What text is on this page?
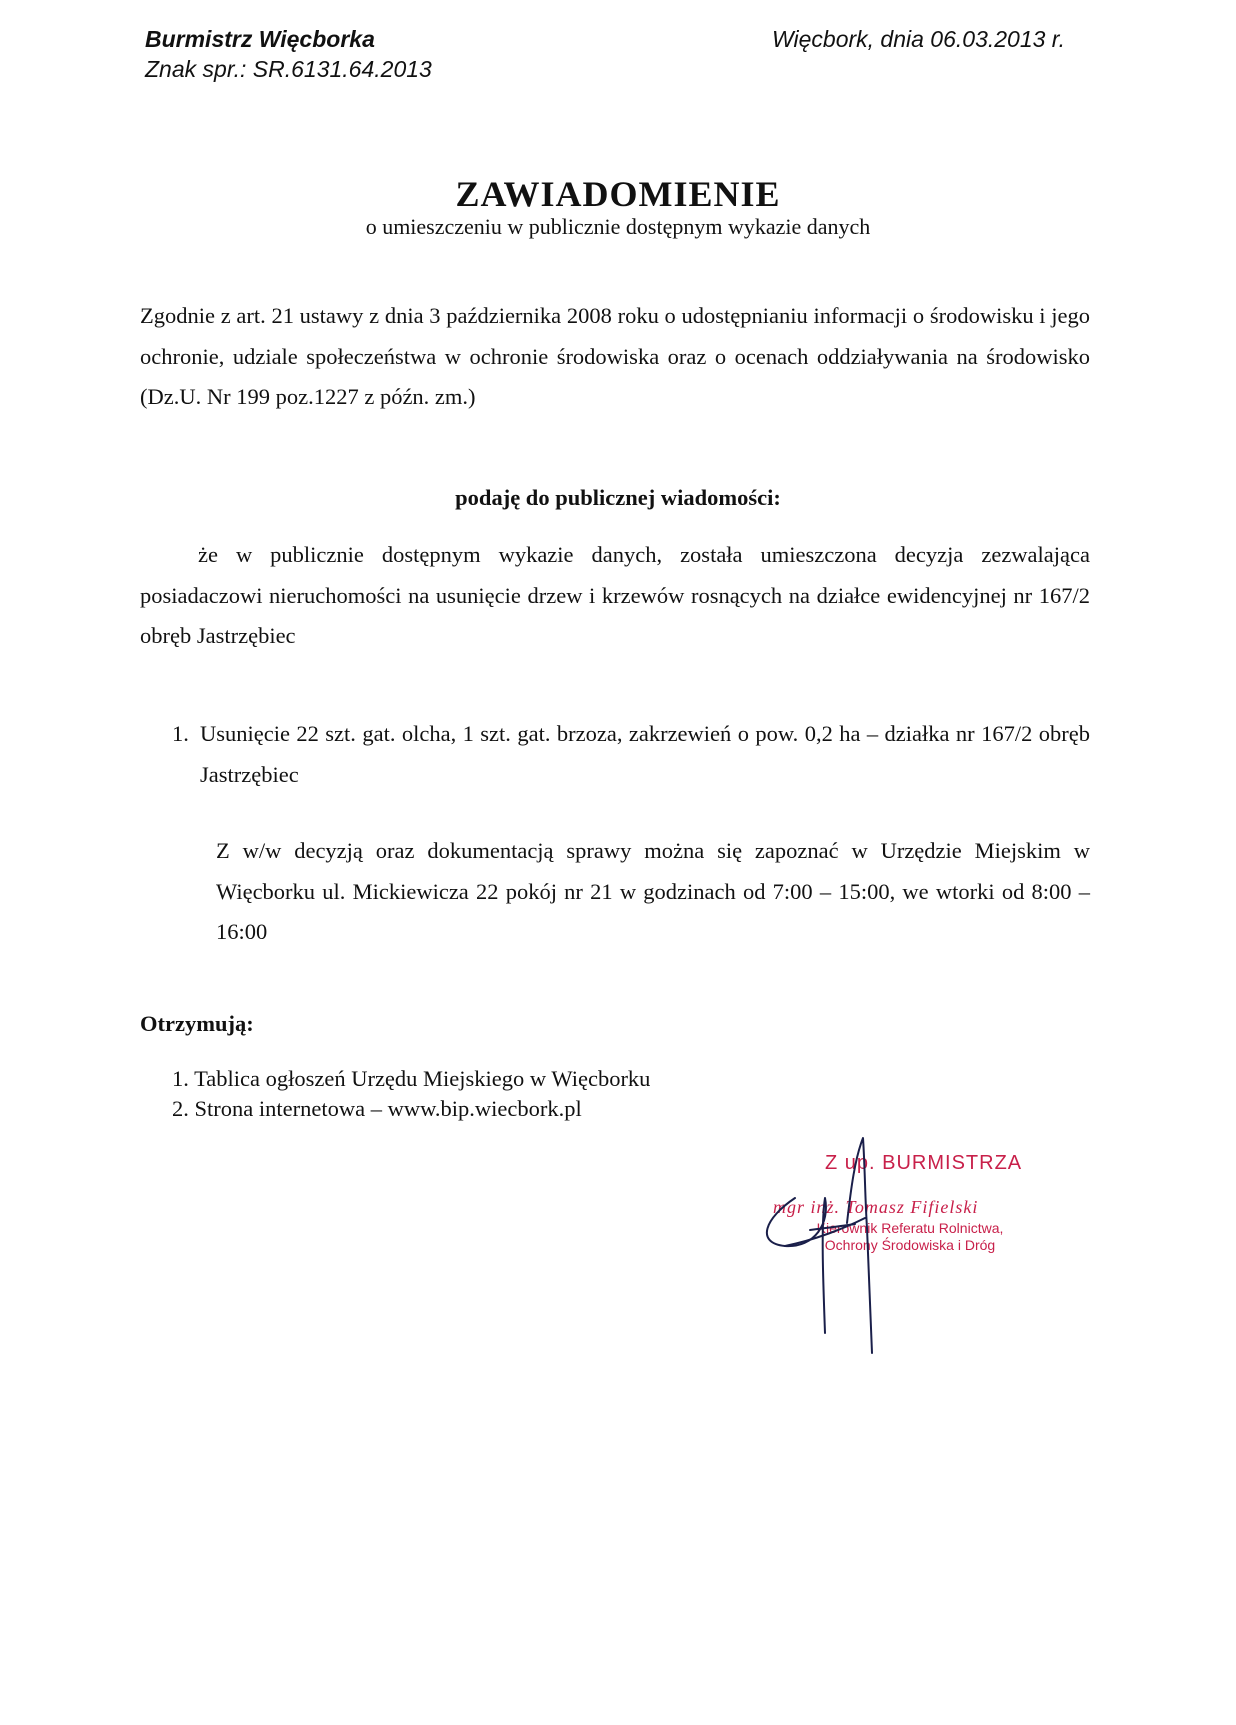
Burmistrz Więcborka
Znak spr.: SR.6131.64.2013
Więcbork, dnia 06.03.2013 r.
ZAWIADOMIENIE
o umieszczeniu w publicznie dostępnym wykazie danych

Zgodnie z art. 21 ustawy z dnia 3 października 2008 roku o udostępnianiu informacji o środowisku i jego ochronie, udziale społeczeństwa w ochronie środowiska oraz o ocenach oddziaływania na środowisko (Dz.U. Nr 199 poz.1227 z późn. zm.)

podaję do publicznej wiadomości:

że w publicznie dostępnym wykazie danych, została umieszczona decyzja zezwalająca posiadaczowi nieruchomości na usunięcie drzew i krzewów rosnących na działce ewidencyjnej nr 167/2 obręb Jastrzębiec

1. Usunięcie 22 szt. gat. olcha, 1 szt. gat. brzoza, zakrzewień o pow. 0,2 ha – działka nr 167/2 obręb Jastrzębiec

Z w/w decyzją oraz dokumentacją sprawy można się zapoznać w Urzędzie Miejskim w Więcborku ul. Mickiewicza 22 pokój nr 21 w godzinach od 7:00 – 15:00, we wtorki od 8:00 – 16:00

Otrzymują:
1. Tablica ogłoszeń Urzędu Miejskiego w Więcborku
2. Strona internetowa – www.bip.wiecbork.pl
Z up. BURMISTRZA
mgr inż. Tomasz Fifielski
Kierownik Referatu Rolnictwa,
Ochrony Środowiska i Dróg
